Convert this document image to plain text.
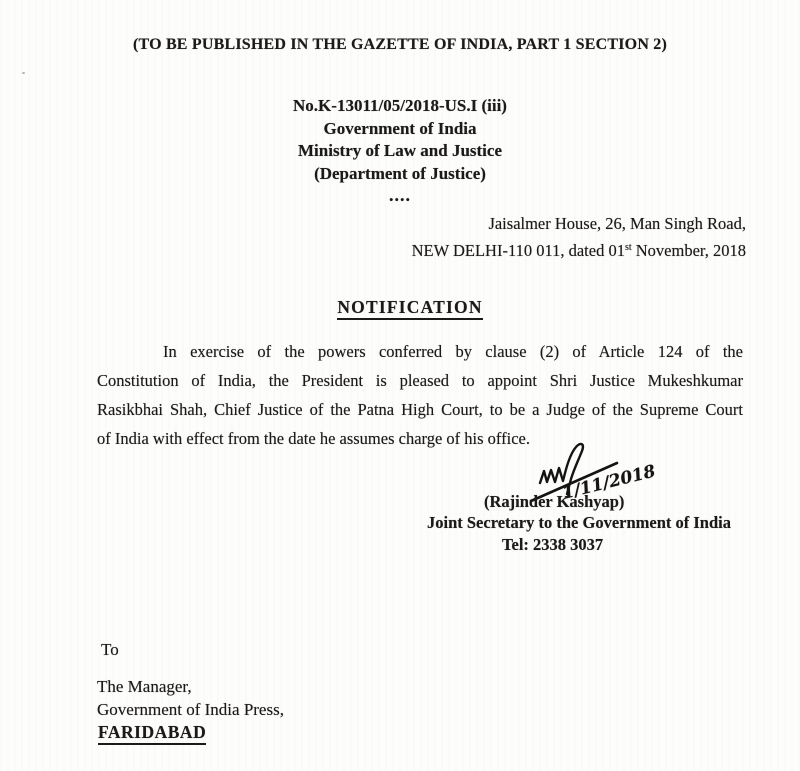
(TO BE PUBLISHED IN THE GAZETTE OF INDIA, PART 1 SECTION 2)
No.K-13011/05/2018-US.I (iii)
Government of India
Ministry of Law and Justice
(Department of Justice)
....
Jaisalmer House, 26, Man Singh Road,
NEW DELHI-110 011, dated 01st November, 2018
NOTIFICATION
In exercise of the powers conferred by clause (2) of Article 124 of the
Constitution of India, the President is pleased to appoint Shri Justice Mukeshkumar
Rasikbhai Shah, Chief Justice of the Patna High Court, to be a Judge of the Supreme Court
of India with effect from the date he assumes charge of his office.
1/11/2018
(Rajinder Kashyap)
Joint Secretary to the Government of India
Tel: 2338 3037
To
The Manager,
Government of India Press,
FARIDABAD
